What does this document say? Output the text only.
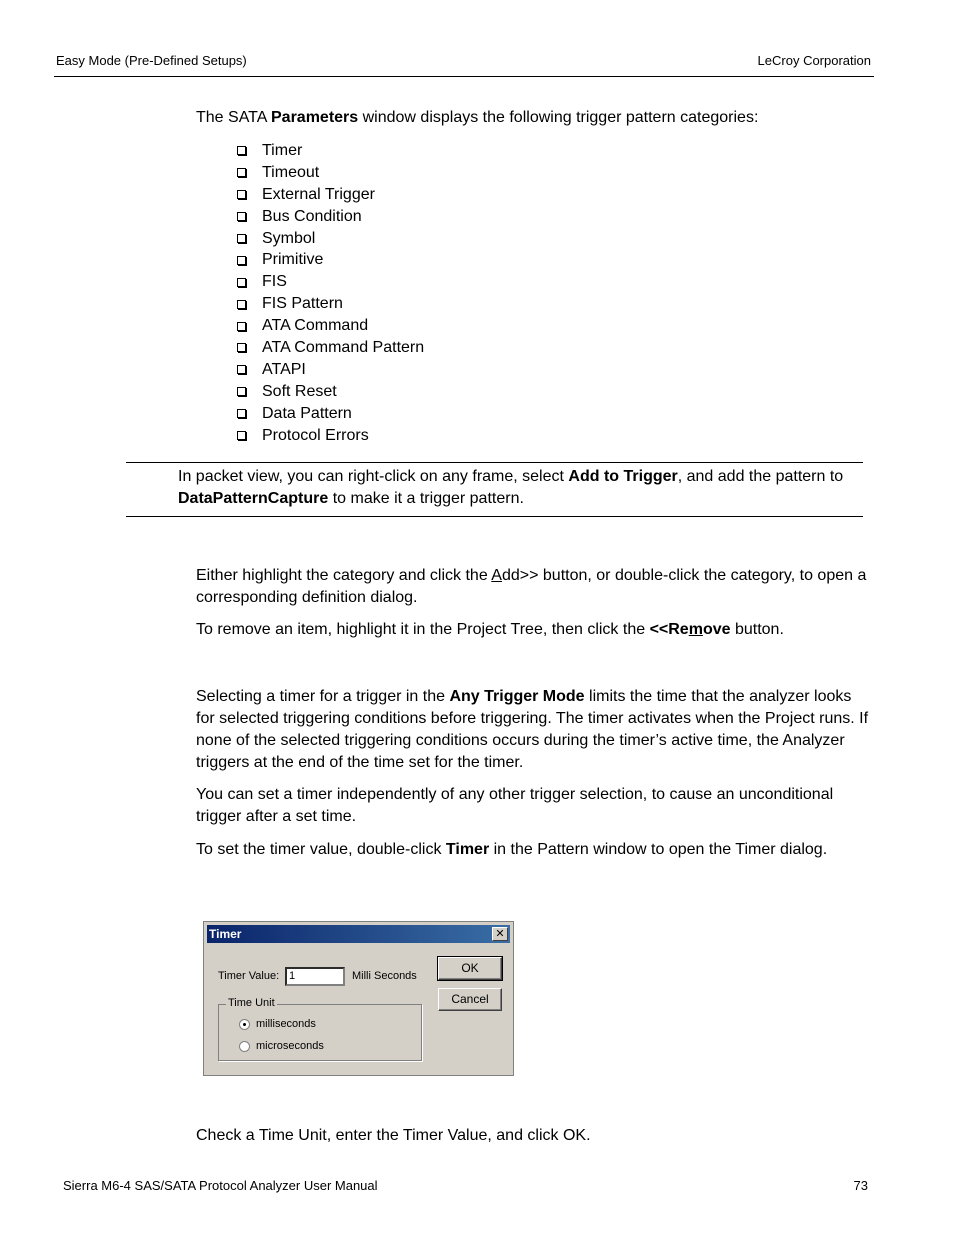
Easy Mode (Pre-Defined Setups)	LeCroy Corporation
The SATA Parameters window displays the following trigger pattern categories:
Timer
Timeout
External Trigger
Bus Condition
Symbol
Primitive
FIS
FIS Pattern
ATA Command
ATA Command Pattern
ATAPI
Soft Reset
Data Pattern
Protocol Errors

In packet view, you can right-click on any frame, select Add to Trigger, and add the pattern to

DataPatternCapture to make it a trigger pattern.

Either highlight the category and click the Add>> button, or double-click the category, to open a corresponding definition dialog.
To remove an item, highlight it in the Project Tree, then click the <<Remove button.
Selecting a timer for a trigger in the Any Trigger Mode limits the time that the analyzer looks for selected triggering conditions before triggering. The timer activates when the Project runs. If none of the selected triggering conditions occurs during the timer’s active time, the Analyzer triggers at the end of the time set for the timer.
You can set a timer independently of any other trigger selection, to cause an unconditional trigger after a set time.
To set the timer value, double-click Timer in the Pattern window to open the Timer dialog.
Timer	✕
Timer Value: 1	Milli Seconds
OK
Cancel
Time Unit
milliseconds
microseconds
Check a Time Unit, enter the Timer Value, and click OK.
Sierra M6-4 SAS/SATA Protocol Analyzer User Manual	73
